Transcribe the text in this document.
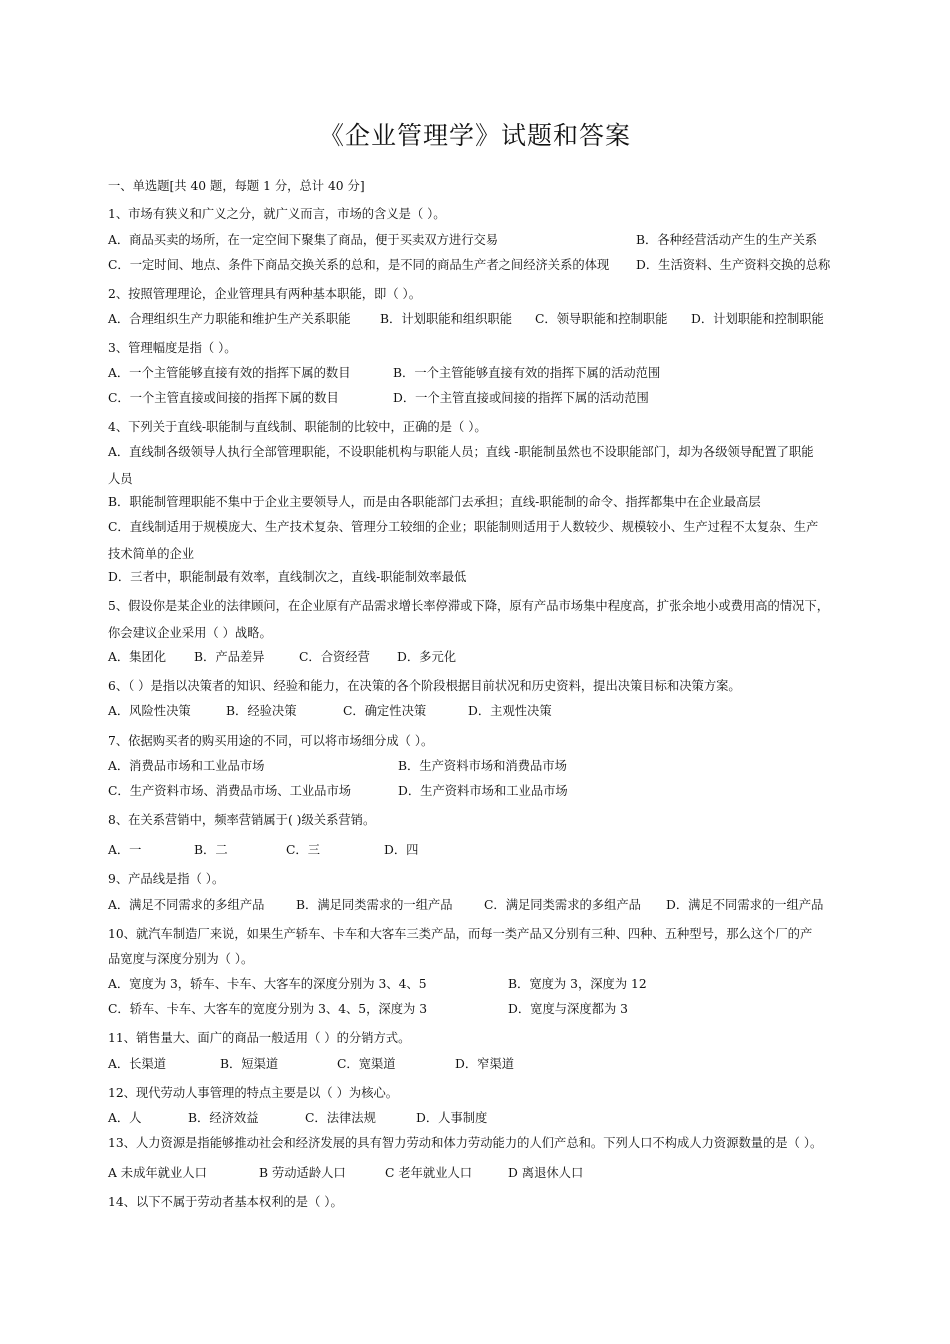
《企业管理学》试题和答案
一、单选题[共 40 题，每题 1 分，总计 40 分]
1、市场有狭义和广义之分，就广义而言，市场的含义是（ ）。
A．商品买卖的场所，在一定空间下聚集了商品，便于买卖双方进行交易	B．各种经营活动产生的生产关系
C．一定时间、地点、条件下商品交换关系的总和，是不同的商品生产者之间经济关系的体现 D．生活资料、生产资料交换的总称
2、按照管理理论，企业管理具有两种基本职能，即（ ）。
A．合理组织生产力职能和维护生产关系职能 B．计划职能和组织职能 C．领导职能和控制职能 D．计划职能和控制职能
3、管理幅度是指（ ）。
A．一个主管能够直接有效的指挥下属的数目	B．一个主管能够直接有效的指挥下属的活动范围
C．一个主管直接或间接的指挥下属的数目	D．一个主管直接或间接的指挥下属的活动范围
4、下列关于直线-职能制与直线制、职能制的比较中，正确的是（ ）。
A．直线制各级领导人执行全部管理职能，不设职能机构与职能人员；直线 -职能制虽然也不设职能部门，却为各级领导配置了职能
人员
B．职能制管理职能不集中于企业主要领导人，而是由各职能部门去承担；直线-职能制的命令、指挥都集中在企业最高层
C．直线制适用于规模庞大、生产技术复杂、管理分工较细的企业；职能制则适用于人数较少、规模较小、生产过程不太复杂、生产
技术简单的企业
D．三者中，职能制最有效率，直线制次之，直线-职能制效率最低
5、假设你是某企业的法律顾问，在企业原有产品需求增长率停滞或下降，原有产品市场集中程度高，扩张余地小或费用高的情况下，
你会建议企业采用（ ）战略。
A．集团化 B．产品差异	C．合资经营 D．多元化
6、（ ）是指以决策者的知识、经验和能力，在决策的各个阶段根据目前状况和历史资料，提出决策目标和决策方案。
A．风险性决策	B．经验决策	C．确定性决策	D．主观性决策
7、依据购买者的购买用途的不同，可以将市场细分成（ ）。
A．消费品市场和工业品市场	B．生产资料市场和消费品市场
C．生产资料市场、消费品市场、工业品市场	D．生产资料市场和工业品市场
8、在关系营销中，频率营销属于( )级关系营销。
A．一	B．二	C．三	D．四
9、产品线是指（ ）。
A．满足不同需求的多组产品	B．满足同类需求的一组产品	C．满足同类需求的多组产品 D．满足不同需求的一组产品
10、就汽车制造厂来说，如果生产轿车、卡车和大客车三类产品，而每一类产品又分别有三种、四种、五种型号，那么这个厂的产
品宽度与深度分别为（ ）。
A．宽度为 3，轿车、卡车、大客车的深度分别为 3、4、5	B．宽度为 3，深度为 12
C．轿车、卡车、大客车的宽度分别为 3、4、5，深度为 3	D．宽度与深度都为 3
11、销售量大、面广的商品一般适用（ ）的分销方式。
A．长渠道	B．短渠道	C．宽渠道	D．窄渠道
12、现代劳动人事管理的特点主要是以（ ）为核心。
A．人	B．经济效益	C．法律法规	D．人事制度
13、人力资源是指能够推动社会和经济发展的具有智力劳动和体力劳动能力的人们产总和。下列人口不构成人力资源数量的是（ ）。
A 未成年就业人口	B 劳动适龄人口	C 老年就业人口	D 离退休人口
14、以下不属于劳动者基本权利的是（ ）。
